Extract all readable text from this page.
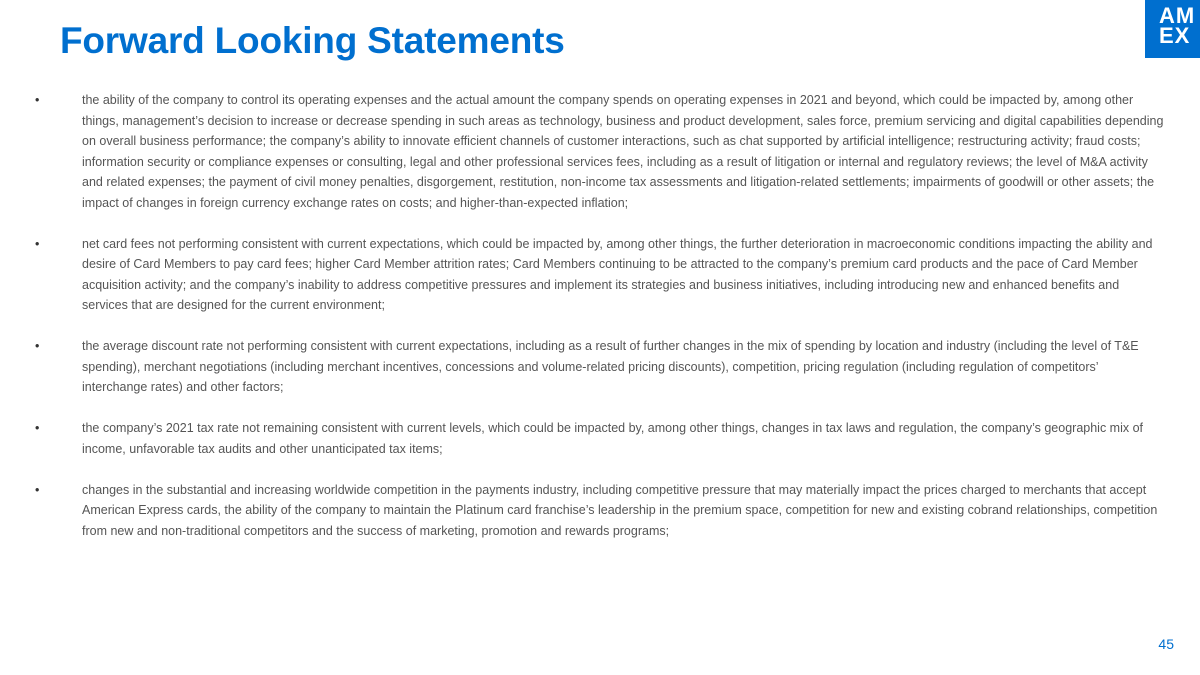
Forward Looking Statements
AM
EX
•	the ability of the company to control its operating expenses and the actual amount the company spends on operating expenses in 2021 and beyond, which could be impacted by, among other things, management’s decision to increase or decrease spending in such areas as technology, business and product development, sales force, premium servicing and digital capabilities depending on overall business performance; the company’s ability to innovate efficient channels of customer interactions, such as chat supported by artificial intelligence; restructuring activity; fraud costs; information security or compliance expenses or consulting, legal and other professional services fees, including as a result of litigation or internal and regulatory reviews; the level of M&A activity and related expenses; the payment of civil money penalties, disgorgement, restitution, non-income tax assessments and litigation-related settlements; impairments of goodwill or other assets; the impact of changes in foreign currency exchange rates on costs; and higher-than-expected inflation;
•	net card fees not performing consistent with current expectations, which could be impacted by, among other things, the further deterioration in macroeconomic conditions impacting the ability and desire of Card Members to pay card fees; higher Card Member attrition rates; Card Members continuing to be attracted to the company’s premium card products and the pace of Card Member acquisition activity; and the company’s inability to address competitive pressures and implement its strategies and business initiatives, including introducing new and enhanced benefits and services that are designed for the current environment;
•	the average discount rate not performing consistent with current expectations, including as a result of further changes in the mix of spending by location and industry (including the level of T&E spending), merchant negotiations (including merchant incentives, concessions and volume-related pricing discounts), competition, pricing regulation (including regulation of competitors’ interchange rates) and other factors;
•	the company’s 2021 tax rate not remaining consistent with current levels, which could be impacted by, among other things, changes in tax laws and regulation, the company’s geographic mix of income, unfavorable tax audits and other unanticipated tax items;
•	changes in the substantial and increasing worldwide competition in the payments industry, including competitive pressure that may materially impact the prices charged to merchants that accept American Express cards, the ability of the company to maintain the Platinum card franchise’s leadership in the premium space, competition for new and existing cobrand relationships, competition from new and non-traditional competitors and the success of marketing, promotion and rewards programs;
45
